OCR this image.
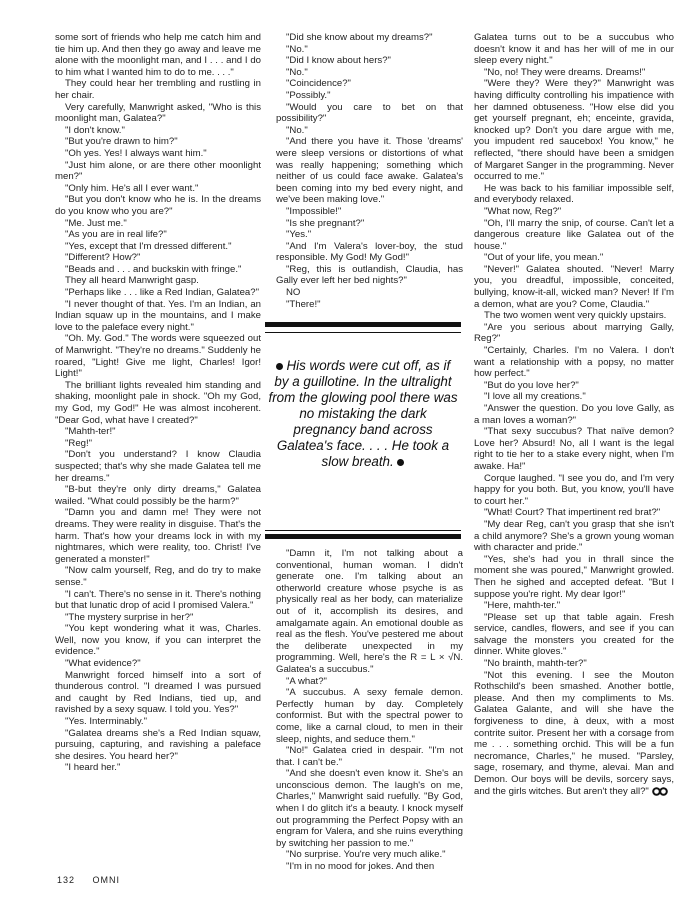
some sort of friends who help me catch him and tie him up. And then they go away and leave me alone with the moonlight man, and I . . . and I do to him what I wanted him to do to me. . . ."

They could hear her trembling and rustling in her chair.

Very carefully, Manwright asked, "Who is this moonlight man, Galatea?"

"I don't know."

"But you're drawn to him?"

"Oh yes. Yes! I always want him."

"Just him alone, or are there other moonlight men?"

"Only him. He's all I ever want."

"But you don't know who he is. In the dreams do you know who you are?"

"Me. Just me."

"As you are in real life?"

"Yes, except that I'm dressed different."

"Different? How?"

"Beads and . . . and buckskin with fringe."

They all heard Manwright gasp.

"Perhaps like . . . like a Red Indian, Galatea?"

"I never thought of that. Yes. I'm an Indian, an Indian squaw up in the mountains, and I make love to the paleface every night."

"Oh. My. God." The words were squeezed out of Manwright. "They're no dreams." Suddenly he roared, "Light! Give me light, Charles! Igor! Light!"

The brilliant lights revealed him standing and shaking, moonlight pale in shock. "Oh my God, my God, my God!" He was almost incoherent. "Dear God, what have I created?"

"Mahth-ter!"

"Reg!"

"Don't you understand? I know Claudia suspected; that's why she made Galatea tell me her dreams."

"B-but they're only dirty dreams," Galatea wailed. "What could possibly be the harm?"

"Damn you and damn me! They were not dreams. They were reality in disguise. That's the harm. That's how your dreams lock in with my nightmares, which were reality, too. Christ! I've generated a monster!"

"Now calm yourself, Reg, and do try to make sense."

"I can't. There's no sense in it. There's nothing but that lunatic drop of acid I promised Valera."

"The mystery surprise in her?"

"You kept wondering what it was, Charles. Well, now you know, if you can interpret the evidence."

"What evidence?"

Manwright forced himself into a sort of thunderous control. "I dreamed I was pursued and caught by Red Indians, tied up, and ravished by a sexy squaw. I told you. Yes?"

"Yes. Interminably."

"Galatea dreams she's a Red Indian squaw, pursuing, capturing, and ravishing a paleface she desires. You heard her?"

"I heard her."

"Did she know about my dreams?"

"No."

"Did I know about hers?"

"No."

"Coincidence?"

"Possibly."

"Would you care to bet on that possibility?"

"No."

"And there you have it. Those 'dreams' were sleep versions or distortions of what was really happening; something which neither of us could face awake. Galatea's been coming into my bed every night, and we've been making love."

"Impossible!"

"Is she pregnant?"

"Yes."

"And I'm Valera's lover-boy, the stud responsible. My God! My God!"

"Reg, this is outlandish, Claudia, has Gally ever left her bed nights?"

NO

"There!"

His words were cut off, as if by a guillotine. In the ultralight from the glowing pool there was no mistaking the dark pregnancy band across Galatea's face. . . . He took a slow breath.

"Damn it, I'm not talking about a conventional, human woman. I didn't generate one. I'm talking about an otherworld creature whose psyche is as physically real as her body, can materialize out of it, accomplish its desires, and amalgamate again. An emotional double as real as the flesh. You've pestered me about the deliberate unexpected in my programming. Well, here's the R = L × √N. Galatea's a succubus."

"A what?"

"A succubus. A sexy female demon. Perfectly human by day. Completely conformist. But with the spectral power to come, like a carnal cloud, to men in their sleep, nights, and seduce them."

"No!" Galatea cried in despair. "I'm not that. I can't be."

"And she doesn't even know it. She's an unconscious demon. The laugh's on me, Charles," Manwright said ruefully. "By God, when I do glitch it's a beauty. I knock myself out programming the Perfect Popsy with an engram for Valera, and she ruins everything by switching her passion to me."

"No surprise. You're very much alike."

"I'm in no mood for jokes. And then

Galatea turns out to be a succubus who doesn't know it and has her will of me in our sleep every night."

"No, no! They were dreams. Dreams!"

"Were they? Were they?" Manwright was having difficulty controlling his impatience with her damned obtuseness. "How else did you get yourself pregnant, eh; enceinte, gravida, knocked up? Don't you dare argue with me, you impudent red saucebox! You know," he reflected, "there should have been a smidgen of Margaret Sanger in the programming. Never occurred to me."

He was back to his familiar impossible self, and everybody relaxed.

"What now, Reg?"

"Oh, I'll marry the snip, of course. Can't let a dangerous creature like Galatea out of the house."

"Out of your life, you mean."

"Never!" Galatea shouted. "Never! Marry you, you dreadful, impossible, conceited, bullying, know-it-all, wicked man? Never! If I'm a demon, what are you? Come, Claudia."

The two women went very quickly upstairs.

"Are you serious about marrying Gally, Reg?"

"Certainly, Charles. I'm no Valera. I don't want a relationship with a popsy, no matter how perfect."

"But do you love her?"

"I love all my creations."

"Answer the question. Do you love Gally, as a man loves a woman?"

"That sexy succubus? That naïve demon? Love her? Absurd! No, all I want is the legal right to tie her to a stake every night, when I'm awake. Ha!"

Corque laughed. "I see you do, and I'm very happy for you both. But, you know, you'll have to court her."

"What! Court? That impertinent red brat?"

"My dear Reg, can't you grasp that she isn't a child anymore? She's a grown young woman with character and pride."

"Yes, she's had you in thrall since the moment she was poured," Manwright growled. Then he sighed and accepted defeat. "But I suppose you're right. My dear Igor!"

"Here, mahth-ter."

"Please set up that table again. Fresh service, candles, flowers, and see if you can salvage the monsters you created for the dinner. White gloves."

"No brainth, mahth-ter?"

"Not this evening. I see the Mouton Rothschild's been smashed. Another bottle, please. And then my compliments to Ms. Galatea Galante, and will she have the forgiveness to dine, à deux, with a most contrite suitor. Present her with a corsage from me . . . something orchid. This will be a fun necromance, Charles," he mused. "Parsley, sage, rosemary, and thyme, alevai. Man and Demon. Our boys will be devils, sorcery says, and the girls witches. But aren't they all?"

132 OMNI
